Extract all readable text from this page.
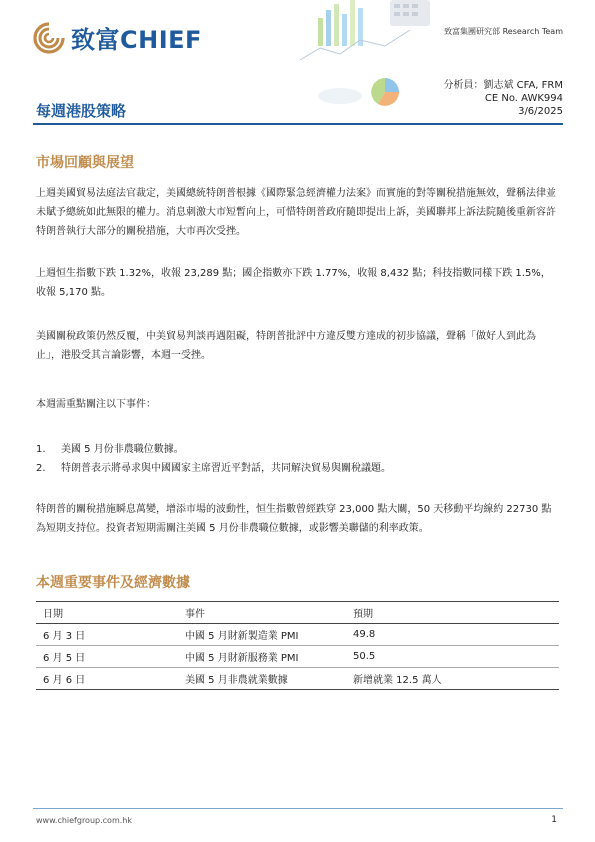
致富CHIEF	致富集團研究部 Research Team
分析員：劉志斌 CFA, FRM
CE No. AWK994
3/6/2025
每週港股策略
市場回顧與展望
上週美國貿易法庭法官裁定，美國總統特朗普根據《國際緊急經濟權力法案》而實施的對等關稅措施無效，聲稱法律並未賦予總統如此無限的權力。消息刺激大市短暫向上，可惜特朗普政府隨即提出上訴，美國聯邦上訴法院隨後重新容許特朗普執行大部分的關稅措施，大市再次受挫。
上週恒生指數下跌 1.32%，收報 23,289 點；國企指數亦下跌 1.77%，收報 8,432 點；科技指數同樣下跌 1.5%，收報 5,170 點。
美國關稅政策仍然反覆，中美貿易判談再遇阻礙，特朗普批評中方違反雙方達成的初步協議，聲稱「做好人到此為止」，港股受其言論影響，本週一受挫。
本週需重點關注以下事件：
1.	美國 5 月份非農職位數據。
2.	特朗普表示將尋求與中國國家主席習近平對話，共同解決貿易與關稅議題。
特朗普的關稅措施瞬息萬變，增添市場的波動性，恒生指數曾經跌穿 23,000 點大關，50 天移動平均線約 22730 點為短期支持位。投資者短期需關注美國 5 月份非農職位數據，或影響美聯儲的利率政策。
本週重要事件及經濟數據
日期	事件	預期
6 月 3 日	中國 5 月財新製造業 PMI	49.8
6 月 5 日	中國 5 月財新服務業 PMI	50.5
6 月 6 日	美國 5 月非農就業數據	新增就業 12.5 萬人
www.chiefgroup.com.hk	1
